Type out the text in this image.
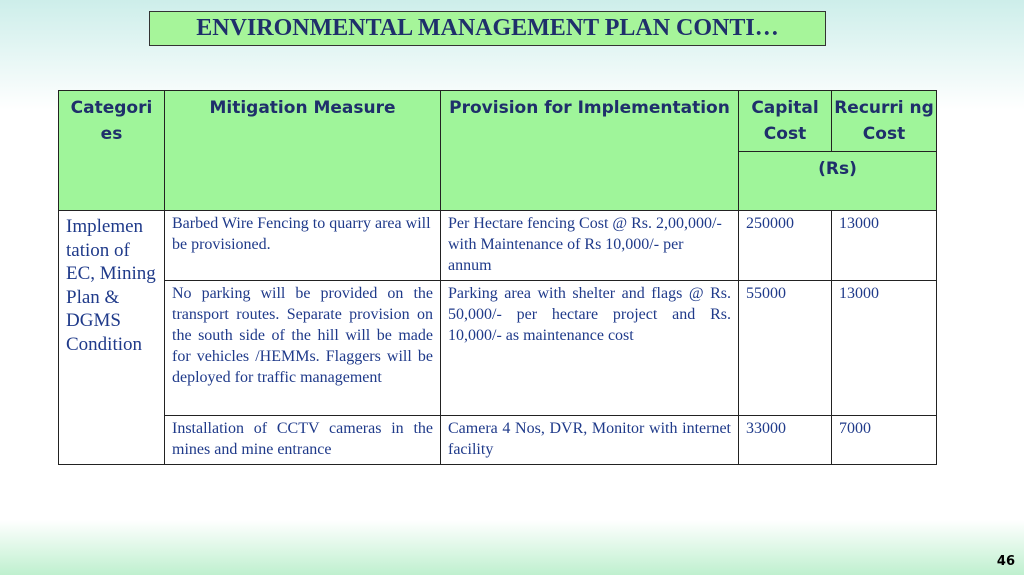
ENVIRONMENTAL MANAGEMENT PLAN CONTI…
Categori es	Mitigation Measure	Provision for Implementation	Capital Cost	Recurri ng Cost
			(Rs)	
Implemen tation of EC, Mining Plan & DGMS Condition	Barbed Wire Fencing to quarry area will be provisioned.	Per Hectare fencing Cost @ Rs. 2,00,000/- with Maintenance of Rs 10,000/- per annum	250000	13000
	No parking will be provided on the transport routes. Separate provision on the south side of the hill will be made for vehicles /HEMMs. Flaggers will be deployed for traffic management	Parking area with shelter and flags @ Rs. 50,000/- per hectare project and Rs. 10,000/- as maintenance cost	55000	13000
	Installation of CCTV cameras in the mines and mine entrance	Camera 4 Nos, DVR, Monitor with internet facility	33000	7000
46
